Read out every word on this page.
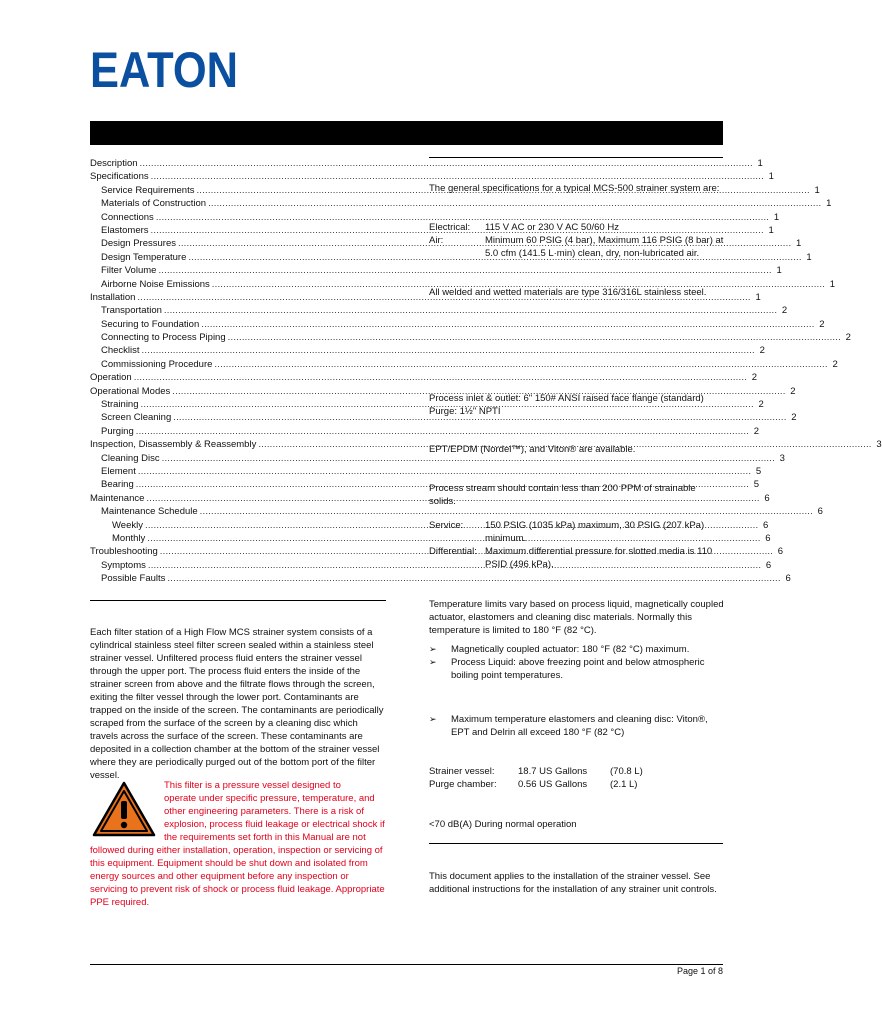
EATON
Description .....	1
Specifications .....	1
Service Requirements .....	1
Materials of Construction .....	1
Connections .....	1
Elastomers .....	1
Design Pressures .....	1
Design Temperature .....	1
Filter Volume .....	1
Airborne Noise Emissions .....	1
Installation .....	1
Transportation .....	2
Securing to Foundation .....	2
Connecting to Process Piping .....	2
Checklist .....	2
Commissioning Procedure .....	2
Operation .....	2
Operational Modes .....	2
Straining .....	2
Screen Cleaning .....	2
Purging .....	2
Inspection, Disassembly & Reassembly .....	3
Cleaning Disc .....	3
Element .....	5
Bearing .....	5
Maintenance .....	6
Maintenance Schedule .....	6
Weekly .....	6
Monthly .....	6
Troubleshooting .....	6
Symptoms .....	6
Possible Faults .....	6
Each filter station of a High Flow MCS strainer system consists of a cylindrical stainless steel filter screen sealed within a stainless steel strainer vessel. Unfiltered process fluid enters the strainer vessel through the upper port. The process fluid enters the inside of the strainer screen from above and the filtrate flows through the screen, exiting the filter vessel through the lower port. Contaminants are trapped on the inside of the screen. The contaminants are periodically scraped from the surface of the screen by a cleaning disc which travels across the surface of the screen. These contaminants are deposited in a collection chamber at the bottom of the strainer vessel where they are periodically purged out of the bottom port of the filter vessel.
This filter is a pressure vessel designed to
operate under specific pressure, temperature, and
other engineering parameters. There is a risk of
explosion, process fluid leakage or electrical shock if
the requirements set forth in this Manual are not
followed during either installation, operation, inspection or servicing of this equipment. Equipment should be shut down and isolated from energy sources and other equipment before any inspection or servicing to prevent risk of shock or process fluid leakage. Appropriate PPE required.
Page 1 of 8
The general specifications for a typical MCS-500 strainer system are:
Electrical:	115 V AC or 230 V AC 50/60 Hz
Air:	Minimum 60 PSIG (4 bar), Maximum 116 PSIG (8 bar) at 5.0 cfm (141.5 L·min) clean, dry, non-lubricated air.
All welded and wetted materials are type 316/316L stainless steel.
Process inlet & outlet: 6" 150# ANSI raised face flange (standard)
Purge: 1½" NPTI
EPT/EPDM (Nordel™), and Viton® are available.
Process stream should contain less than 200 PPM of strainable solids.
Service:	150 PSIG (1035 kPa) maximum, 30 PSIG (207 kPa) minimum.
Differential: Maximum differential pressure for slotted media is 110 PSID (496 kPa).
Temperature limits vary based on process liquid, magnetically coupled actuator, elastomers and cleaning disc materials. Normally this temperature is limited to 180 °F (82 °C).
➢	Magnetically coupled actuator: 180 °F (82 °C) maximum.
➢	Process Liquid: above freezing point and below atmospheric boiling point temperatures.
➢	Maximum temperature elastomers and cleaning disc: Viton®, EPT and Delrin all exceed 180 °F (82 °C)
Strainer vessel:	18.7 US Gallons	(70.8 L)
Purge chamber:	0.56 US Gallons	(2.1 L)
<70 dB(A) During normal operation
This document applies to the installation of the strainer vessel. See additional instructions for the installation of any strainer unit controls.
